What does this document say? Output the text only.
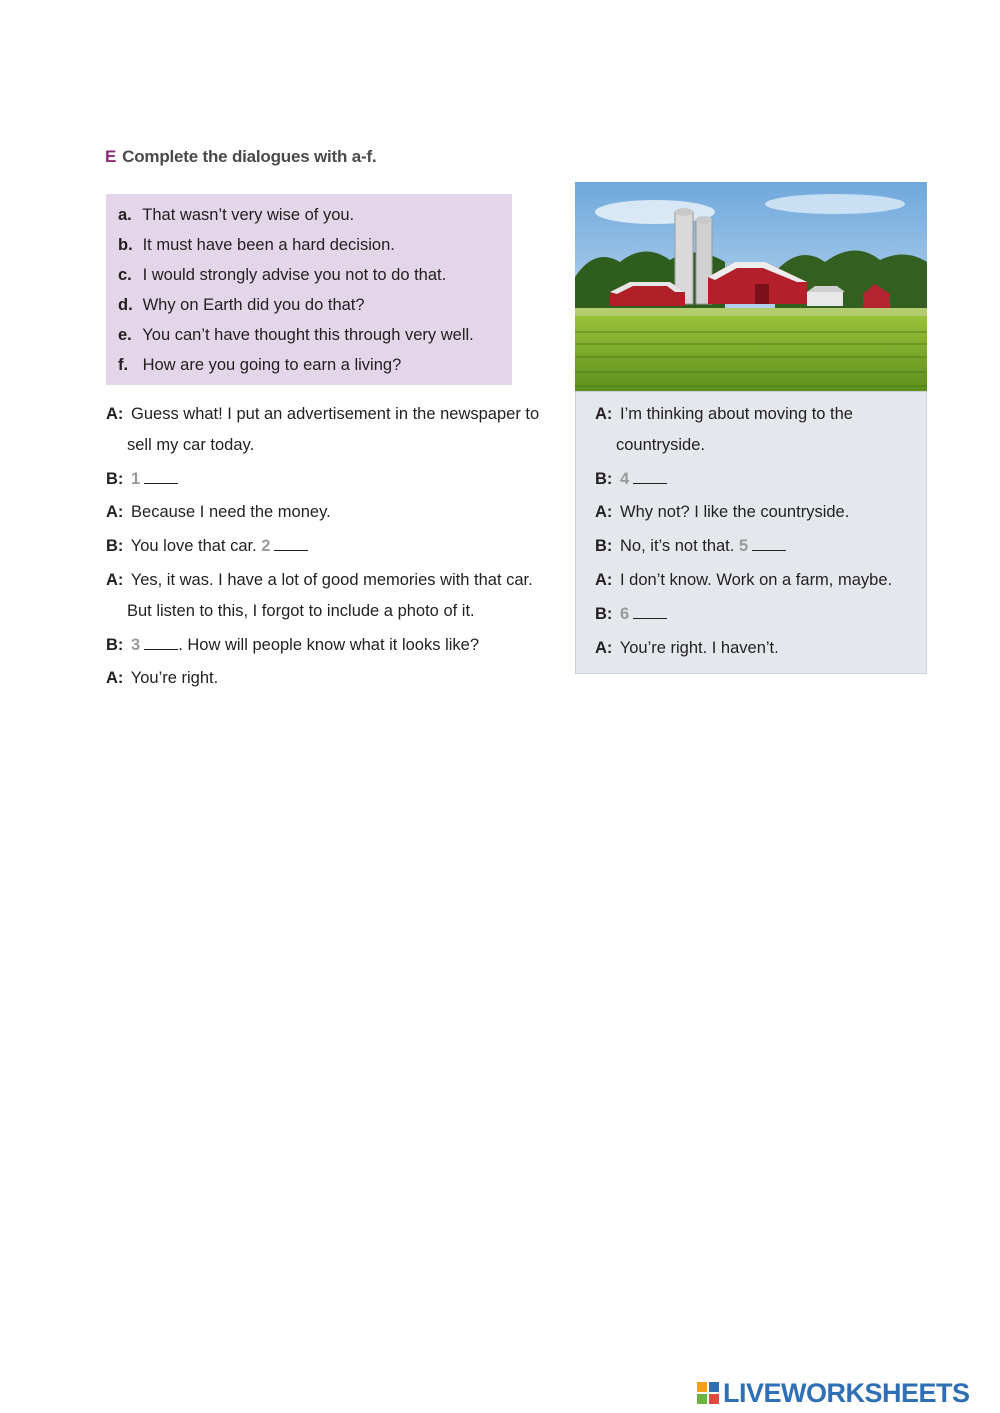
E Complete the dialogues with a-f.
a. That wasn’t very wise of you.
b. It must have been a hard decision.
c. I would strongly advise you not to do that.
d. Why on Earth did you do that?
e. You can’t have thought this through very well.
f. How are you going to earn a living?
A: Guess what! I put an advertisement in the newspaper to
sell my car today.
B: 1
A: Because I need the money.
B: You love that car. 2
A: Yes, it was. I have a lot of good memories with that car.
But listen to this, I forgot to include a photo of it.
B: 3 . How will people know what it looks like?
A: You’re right.
A: I’m thinking about moving to the
countryside.
B: 4
A: Why not? I like the countryside.
B: No, it’s not that. 5
A: I don’t know. Work on a farm, maybe.
B: 6
A: You’re right. I haven’t.
LIVEWORKSHEETS
